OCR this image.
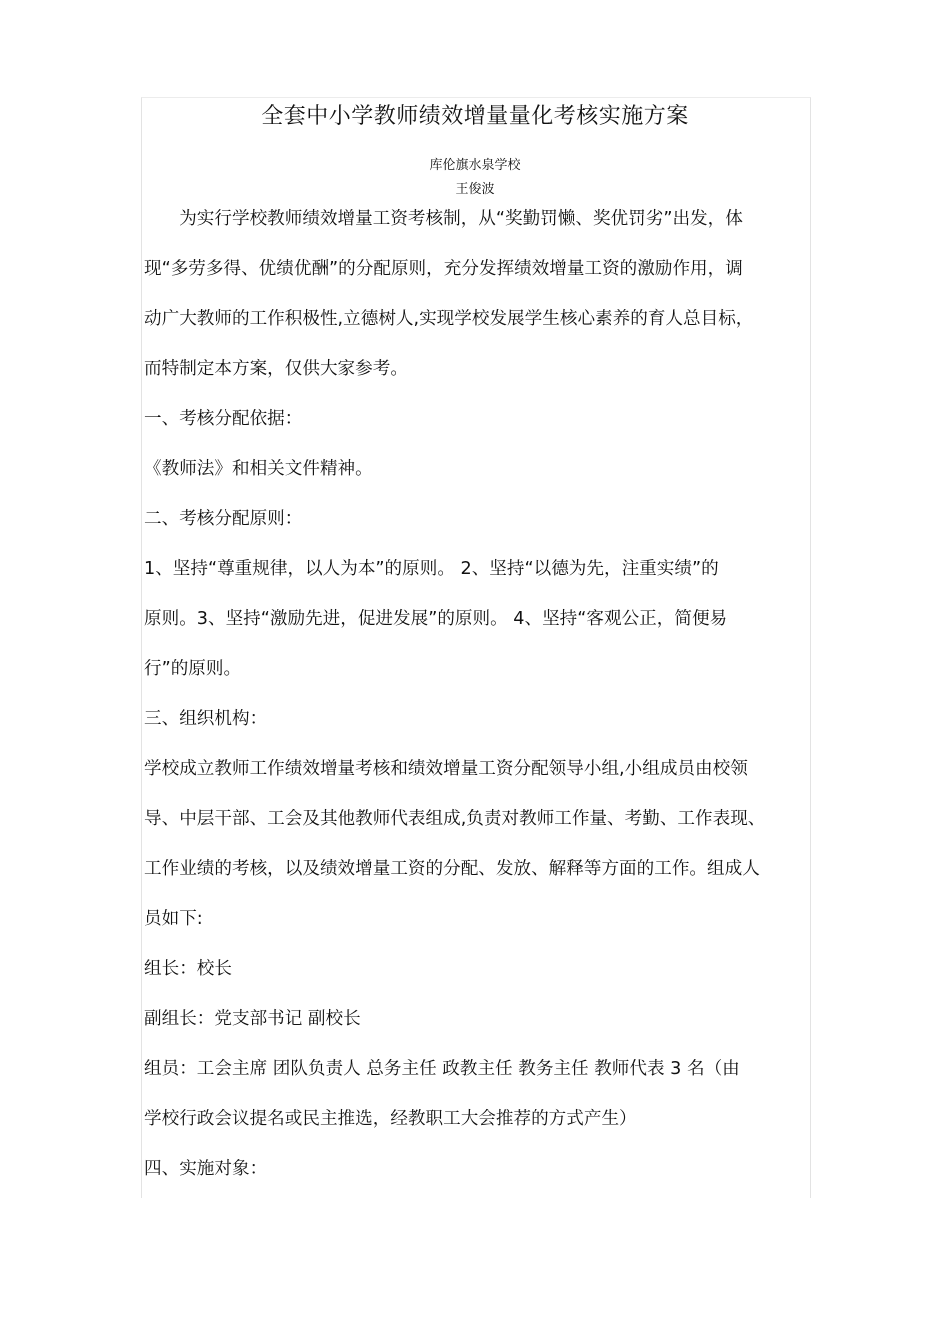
全套中小学教师绩效增量量化考核实施方案

库伦旗水泉学校

王俊波

　　为实行学校教师绩效增量工资考核制，从“奖勤罚懒、奖优罚劣”出发，体

现“多劳多得、优绩优酬”的分配原则，充分发挥绩效增量工资的激励作用，调

动广大教师的工作积极性,立德树人,实现学校发展学生核心素养的育人总目标，

而特制定本方案，仅供大家参考。

一、考核分配依据：

《教师法》和相关文件精神。

二、考核分配原则：

1、坚持“尊重规律，以人为本”的原则。 2、坚持“以德为先，注重实绩”的

原则。3、坚持“激励先进，促进发展”的原则。 4、坚持“客观公正，简便易

行”的原则。

三、组织机构：

学校成立教师工作绩效增量考核和绩效增量工资分配领导小组,小组成员由校领

导、中层干部、工会及其他教师代表组成,负责对教师工作量、考勤、工作表现、

工作业绩的考核，以及绩效增量工资的分配、发放、解释等方面的工作。组成人

员如下:

组长：校长

副组长：党支部书记 副校长

组员：工会主席 团队负责人 总务主任 政教主任 教务主任 教师代表 3 名（由

学校行政会议提名或民主推选，经教职工大会推荐的方式产生）

四、实施对象：
